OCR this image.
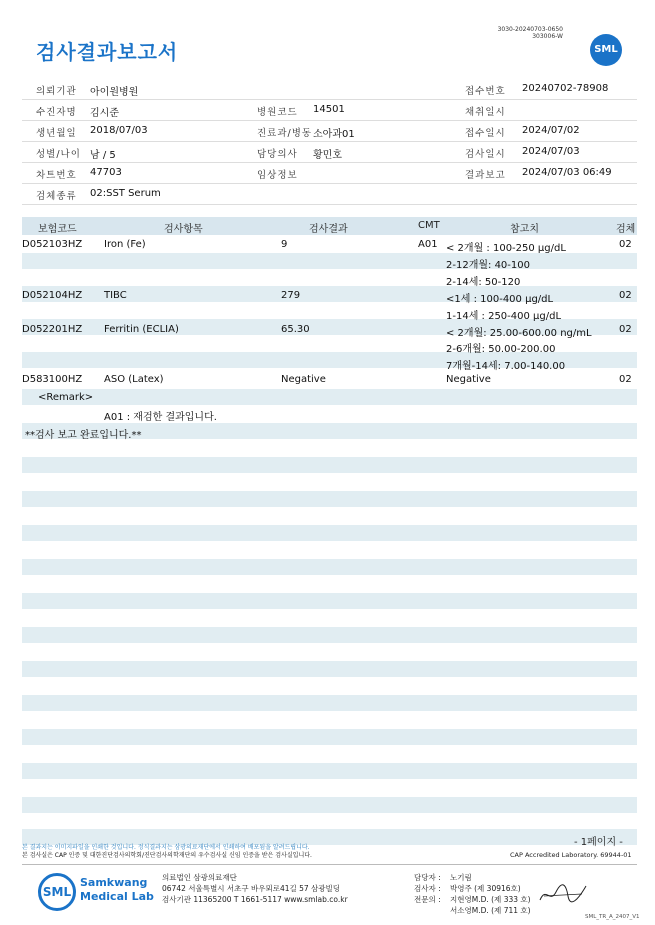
검사결과보고서
3030-20240703-0650
303006-W
SML
의뢰기관 아이원병원	접수번호 20240702-78908
수진자명 김시준	병원코드 14501	채취일시
생년월일 2018/07/03	진료과/병동 소아과01	접수일시 2024/07/02
성별/나이 남 / 5	담당의사 황민호	검사일시 2024/07/03
차트번호 47703	임상정보	결과보고 2024/07/03 06:49
검체종류 02:SST Serum
보험코드	검사항목	검사결과	CMT	참고치	검체
D052103HZ Iron (Fe)	9	A01 < 2개월 : 100-250 μg/dL	02
2-12개월: 40-100
2-14세: 50-120
D052104HZ TIBC	279	<1세 : 100-400 μg/dL	02
1-14세 : 250-400 μg/dL
D052201HZ Ferritin (ECLIA)	65.30	< 2개월: 25.00-600.00 ng/mL	02
2-6개월: 50.00-200.00
7개월-14세: 7.00-140.00
D583100HZ ASO (Latex)	Negative	Negative	02
<Remark>
A01 : 재검한 결과입니다.
**검사 보고 완료입니다.**
- 1페이지 -
본 결과지는 이미지파일을 인쇄한 것입니다. 정식결과지는 삼광의료재단에서 인쇄하여 배포됨을 알려드립니다.
본 검사실은 CAP 인증 및 대한진단검사의학회/진단검사의학재단의 우수검사실 신임 인증을 받은 검사실입니다.	CAP Accredited Laboratory. 69944-01
SML
Samkwang
Medical Lab
의료법인 삼광의료재단
06742 서울특별시 서초구 바우뫼로41길 57 삼광빌딩
검사기관 11365200 T 1661-5117 www.smlab.co.kr
담당자 : 노기림
검사자 : 박영주 (제 30916호)
전문의 : 지현영M.D. (제 333 호)
서소영M.D. (제 711 호)
SML_TR_A_2407_V1
